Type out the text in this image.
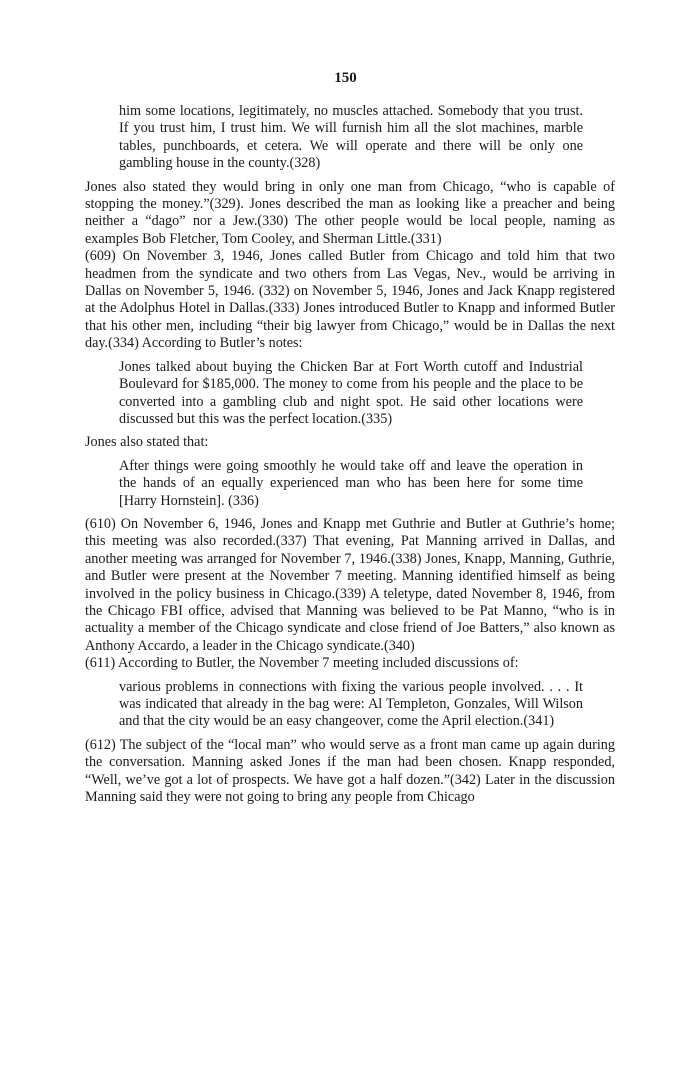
150

him some locations, legitimately, no muscles attached. Somebody that you trust. If you trust him, I trust him. We will furnish him all the slot machines, marble tables, punchboards, et cetera. We will operate and there will be only one gambling house in the county.(328)

Jones also stated they would bring in only one man from Chicago, “who is capable of stopping the money.”(329). Jones described the man as looking like a preacher and being neither a “dago” nor a Jew.(330) The other people would be local people, naming as examples Bob Fletcher, Tom Cooley, and Sherman Little.(331)

(609) On November 3, 1946, Jones called Butler from Chicago and told him that two headmen from the syndicate and two others from Las Vegas, Nev., would be arriving in Dallas on November 5, 1946. (332) on November 5, 1946, Jones and Jack Knapp registered at the Adolphus Hotel in Dallas.(333) Jones introduced Butler to Knapp and informed Butler that his other men, including “their big lawyer from Chicago,” would be in Dallas the next day.(334) According to Butler’s notes:

Jones talked about buying the Chicken Bar at Fort Worth cutoff and Industrial Boulevard for $185,000. The money to come from his people and the place to be converted into a gambling club and night spot. He said other locations were discussed but this was the perfect location.(335)

Jones also stated that:

After things were going smoothly he would take off and leave the operation in the hands of an equally experienced man who has been here for some time [Harry Hornstein]. (336)

(610) On November 6, 1946, Jones and Knapp met Guthrie and Butler at Guthrie’s home; this meeting was also recorded.(337) That evening, Pat Manning arrived in Dallas, and another meeting was arranged for November 7, 1946.(338) Jones, Knapp, Manning, Guthrie, and Butler were present at the November 7 meeting. Manning identified himself as being involved in the policy business in Chicago.(339) A teletype, dated November 8, 1946, from the Chicago FBI office, advised that Manning was believed to be Pat Manno, “who is in actuality a member of the Chicago syndicate and close friend of Joe Batters,” also known as Anthony Accardo, a leader in the Chicago syndicate.(340)

(611) According to Butler, the November 7 meeting included discussions of:

various problems in connections with fixing the various people involved. . . . It was indicated that already in the bag were: Al Templeton, Gonzales, Will Wilson and that the city would be an easy changeover, come the April election.(341)

(612) The subject of the “local man” who would serve as a front man came up again during the conversation. Manning asked Jones if the man had been chosen. Knapp responded, “Well, we’ve got a lot of prospects. We have got a half dozen.”(342) Later in the discussion Manning said they were not going to bring any people from Chicago
